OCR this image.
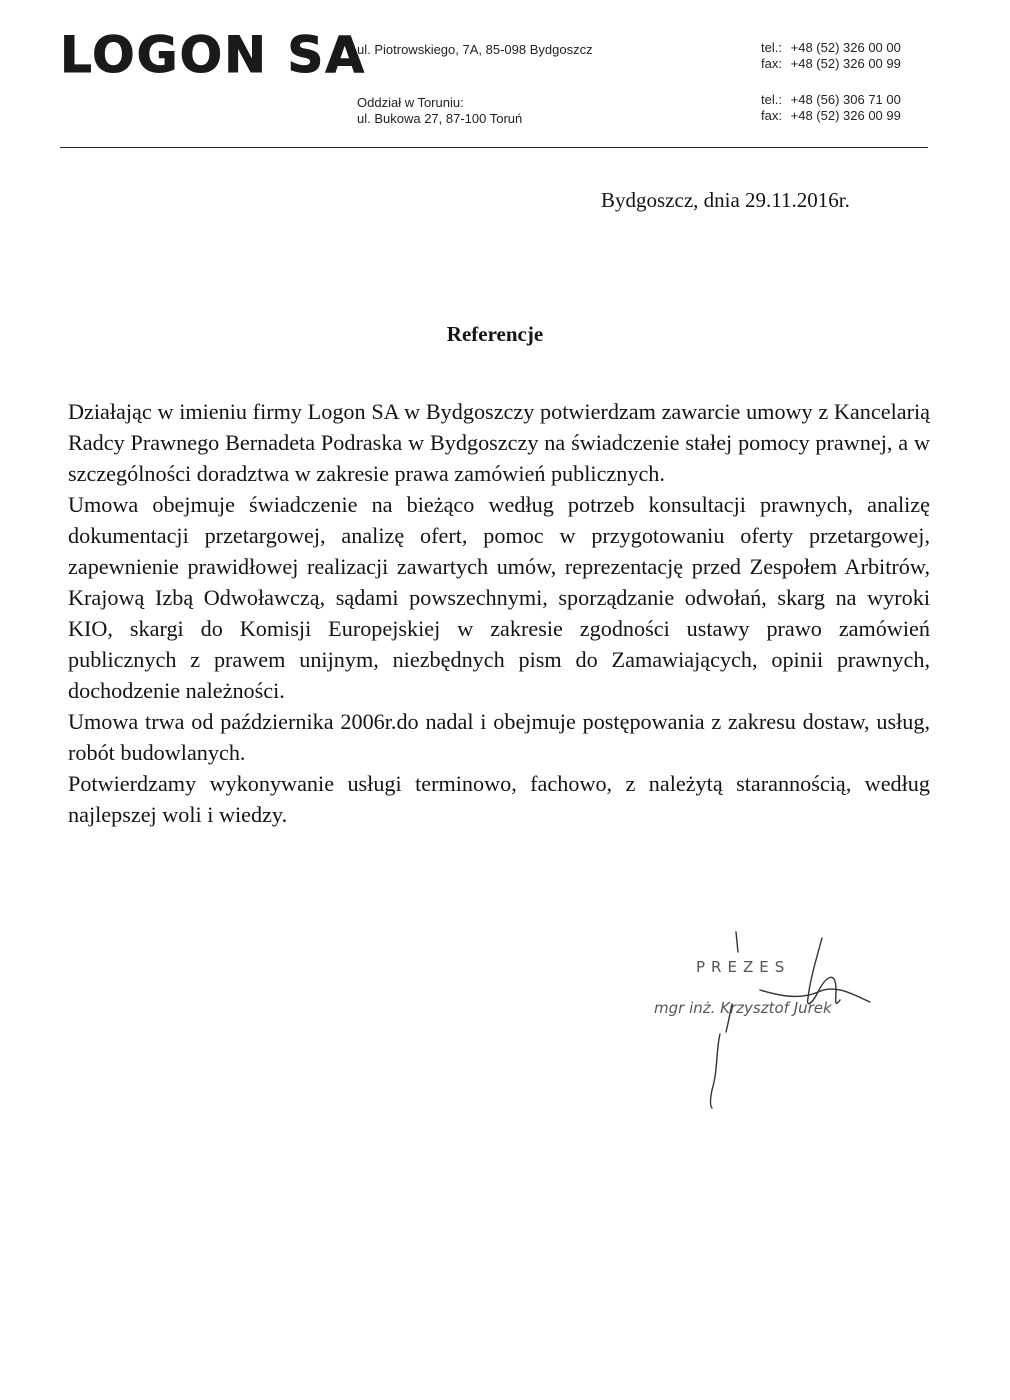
LOGON SA
ul. Piotrowskiego, 7A, 85-098 Bydgoszcz
Oddział w Toruniu:
ul. Bukowa 27, 87-100 Toruń
tel.: +48 (52) 326 00 00
fax: +48 (52) 326 00 99
tel.: +48 (56) 306 71 00
fax: +48 (52) 326 00 99
Bydgoszcz, dnia 29.11.2016r.
Referencje

Działając w imieniu firmy Logon SA w Bydgoszczy potwierdzam zawarcie umowy z Kancelarią Radcy Prawnego Bernadeta Podraska w Bydgoszczy na świadczenie stałej pomocy prawnej, a w szczególności doradztwa w zakresie prawa zamówień publicznych.

Umowa obejmuje świadczenie na bieżąco według potrzeb konsultacji prawnych, analizę dokumentacji przetargowej, analizę ofert, pomoc w przygotowaniu oferty przetargowej, zapewnienie prawidłowej realizacji zawartych umów, reprezentację przed Zespołem Arbitrów, Krajową Izbą Odwoławczą, sądami powszechnymi, sporządzanie odwołań, skarg na wyroki KIO, skargi do Komisji Europejskiej w zakresie zgodności ustawy prawo zamówień publicznych z prawem unijnym, niezbędnych pism do Zamawiających, opinii prawnych, dochodzenie należności.

Umowa trwa od października 2006r.do nadal i obejmuje postępowania z zakresu dostaw, usług, robót budowlanych.

Potwierdzamy wykonywanie usługi terminowo, fachowo, z należytą starannością, według najlepszej woli i wiedzy.

PREZES
mgr inż. Krzysztof Jurek
